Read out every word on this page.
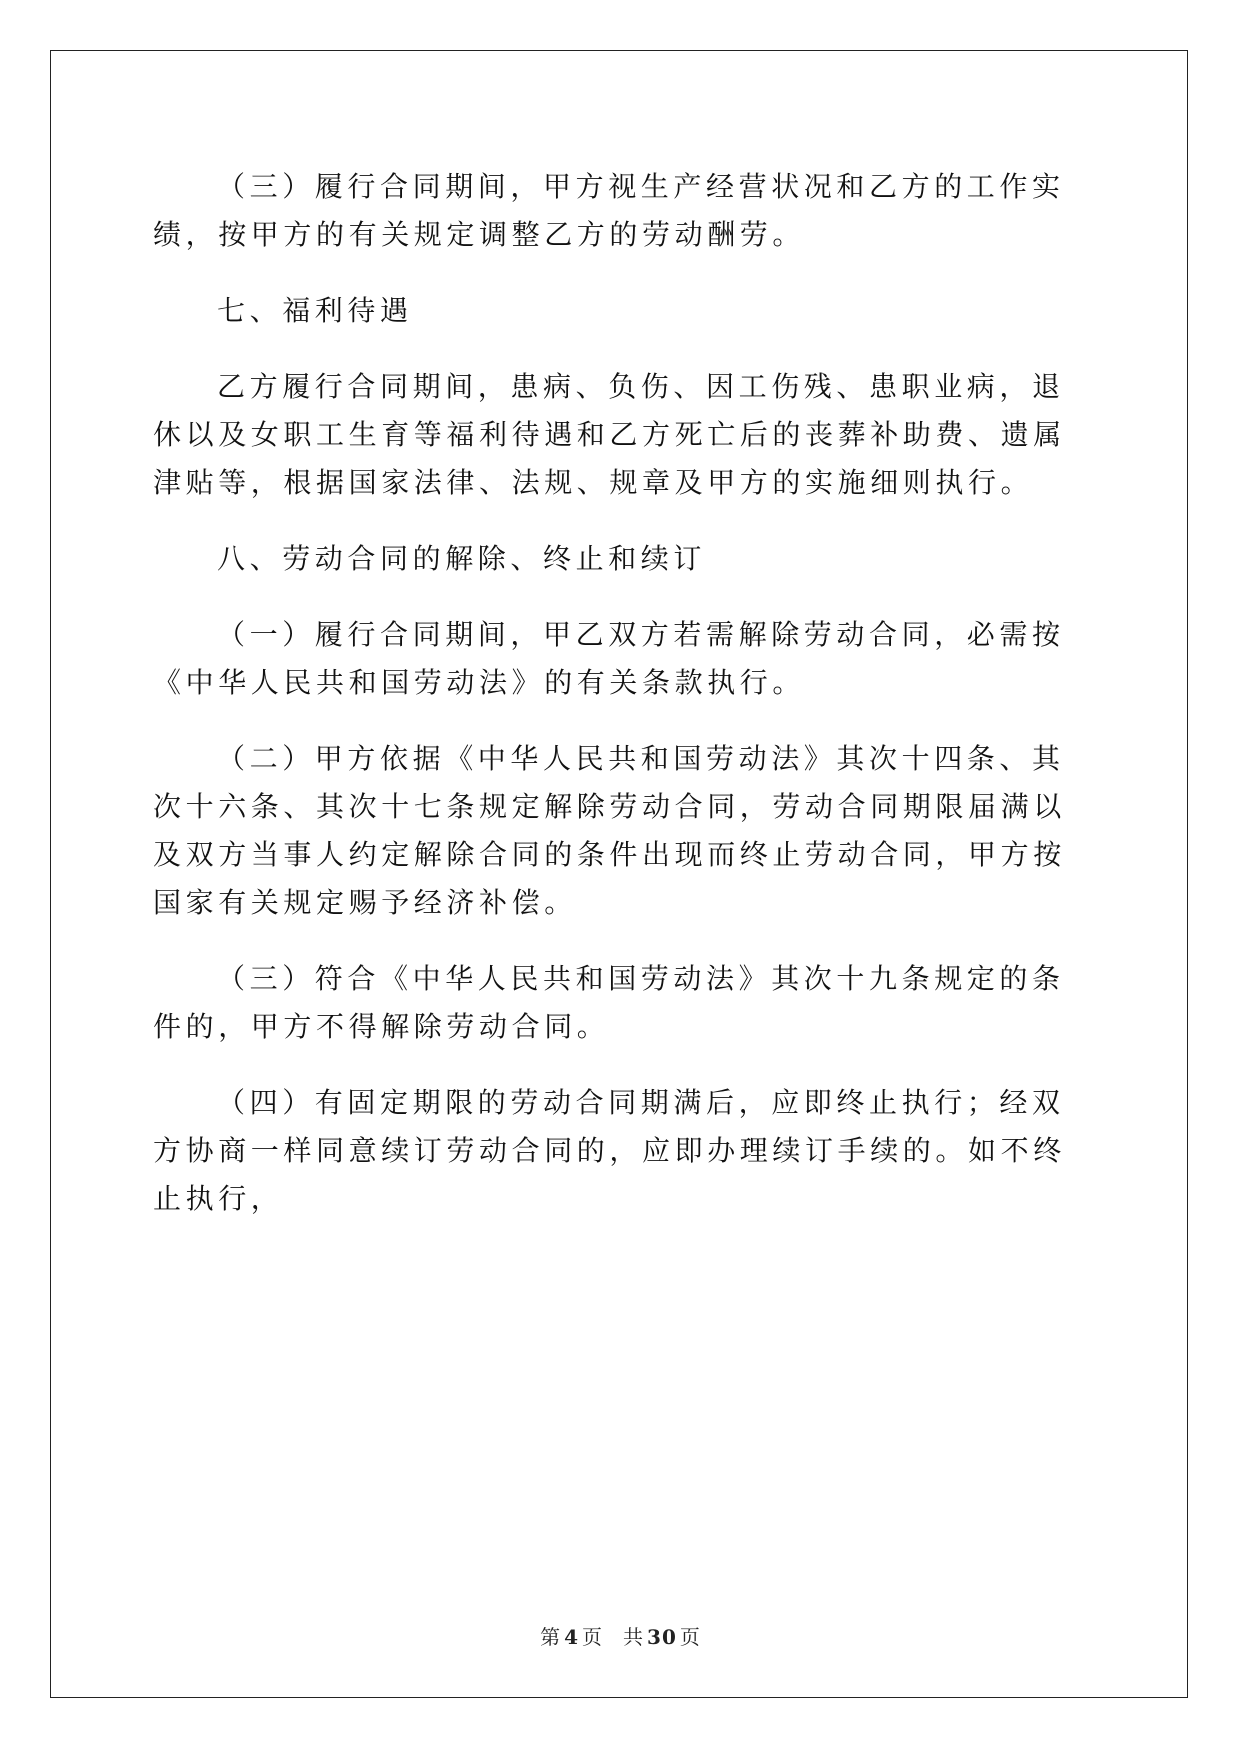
（三）履行合同期间，甲方视生产经营状况和乙方的工作实绩，按甲方的有关规定调整乙方的劳动酬劳。

七、福利待遇

乙方履行合同期间，患病、负伤、因工伤残、患职业病，退休以及女职工生育等福利待遇和乙方死亡后的丧葬补助费、遗属津贴等，根据国家法律、法规、规章及甲方的实施细则执行。

八、劳动合同的解除、终止和续订

（一）履行合同期间，甲乙双方若需解除劳动合同，必需按《中华人民共和国劳动法》的有关条款执行。

（二）甲方依据《中华人民共和国劳动法》其次十四条、其次十六条、其次十七条规定解除劳动合同，劳动合同期限届满以及双方当事人约定解除合同的条件出现而终止劳动合同，甲方按国家有关规定赐予经济补偿。

（三）符合《中华人民共和国劳动法》其次十九条规定的条件的，甲方不得解除劳动合同。

（四）有固定期限的劳动合同期满后，应即终止执行；经双方协商一样同意续订劳动合同的，应即办理续订手续的。如不终止执行，

第 4 页 共 30 页
